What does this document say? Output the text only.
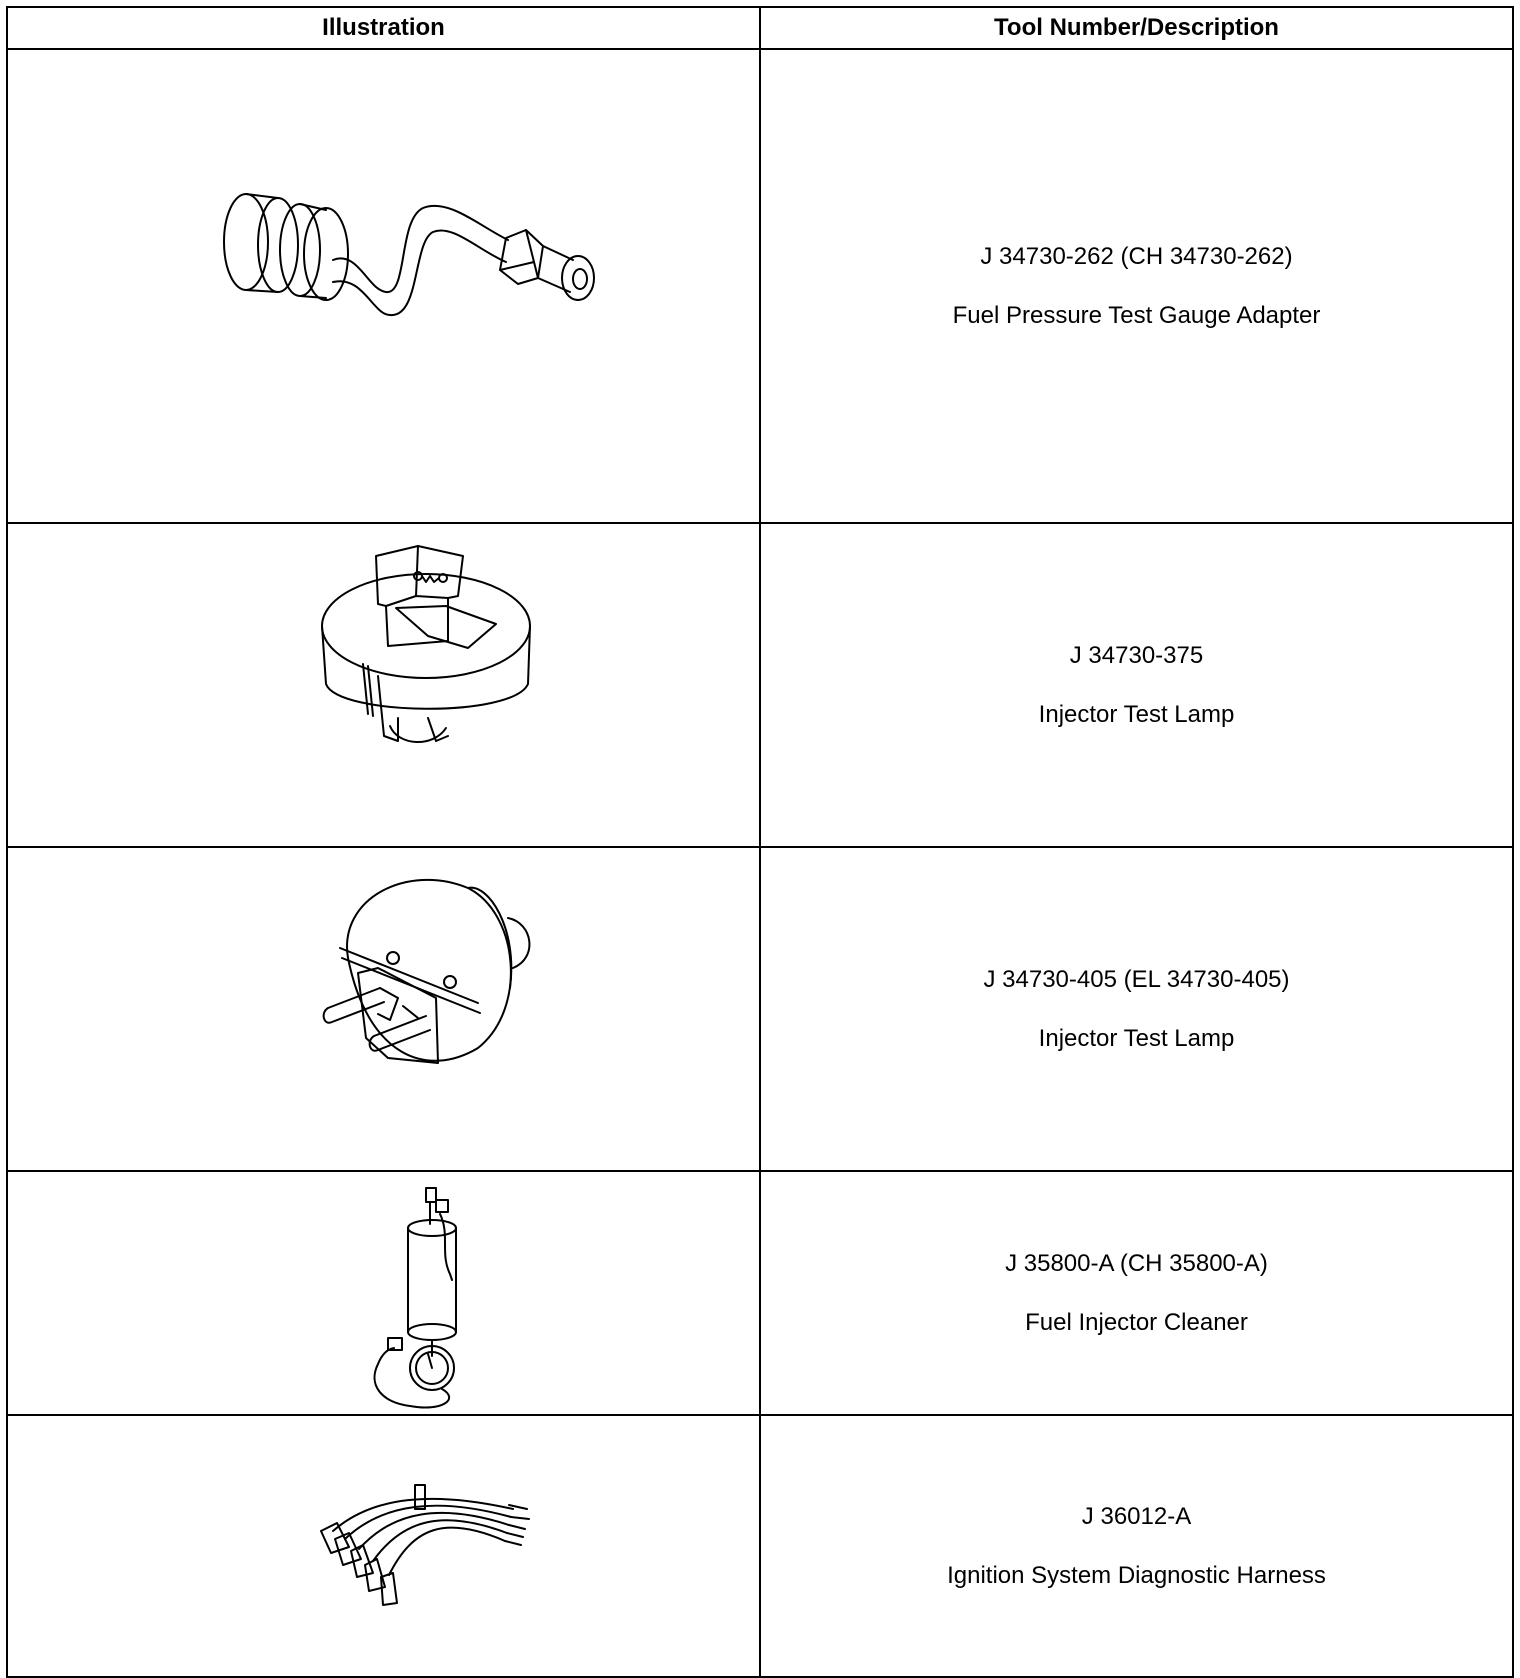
Illustration	Tool Number/Description

J 34730-262 (CH 34730-262)
Fuel Pressure Test Gauge Adapter

J 34730-375
Injector Test Lamp

J 34730-405 (EL 34730-405)
Injector Test Lamp

J 35800-A (CH 35800-A)
Fuel Injector Cleaner

J 36012-A
Ignition System Diagnostic Harness
